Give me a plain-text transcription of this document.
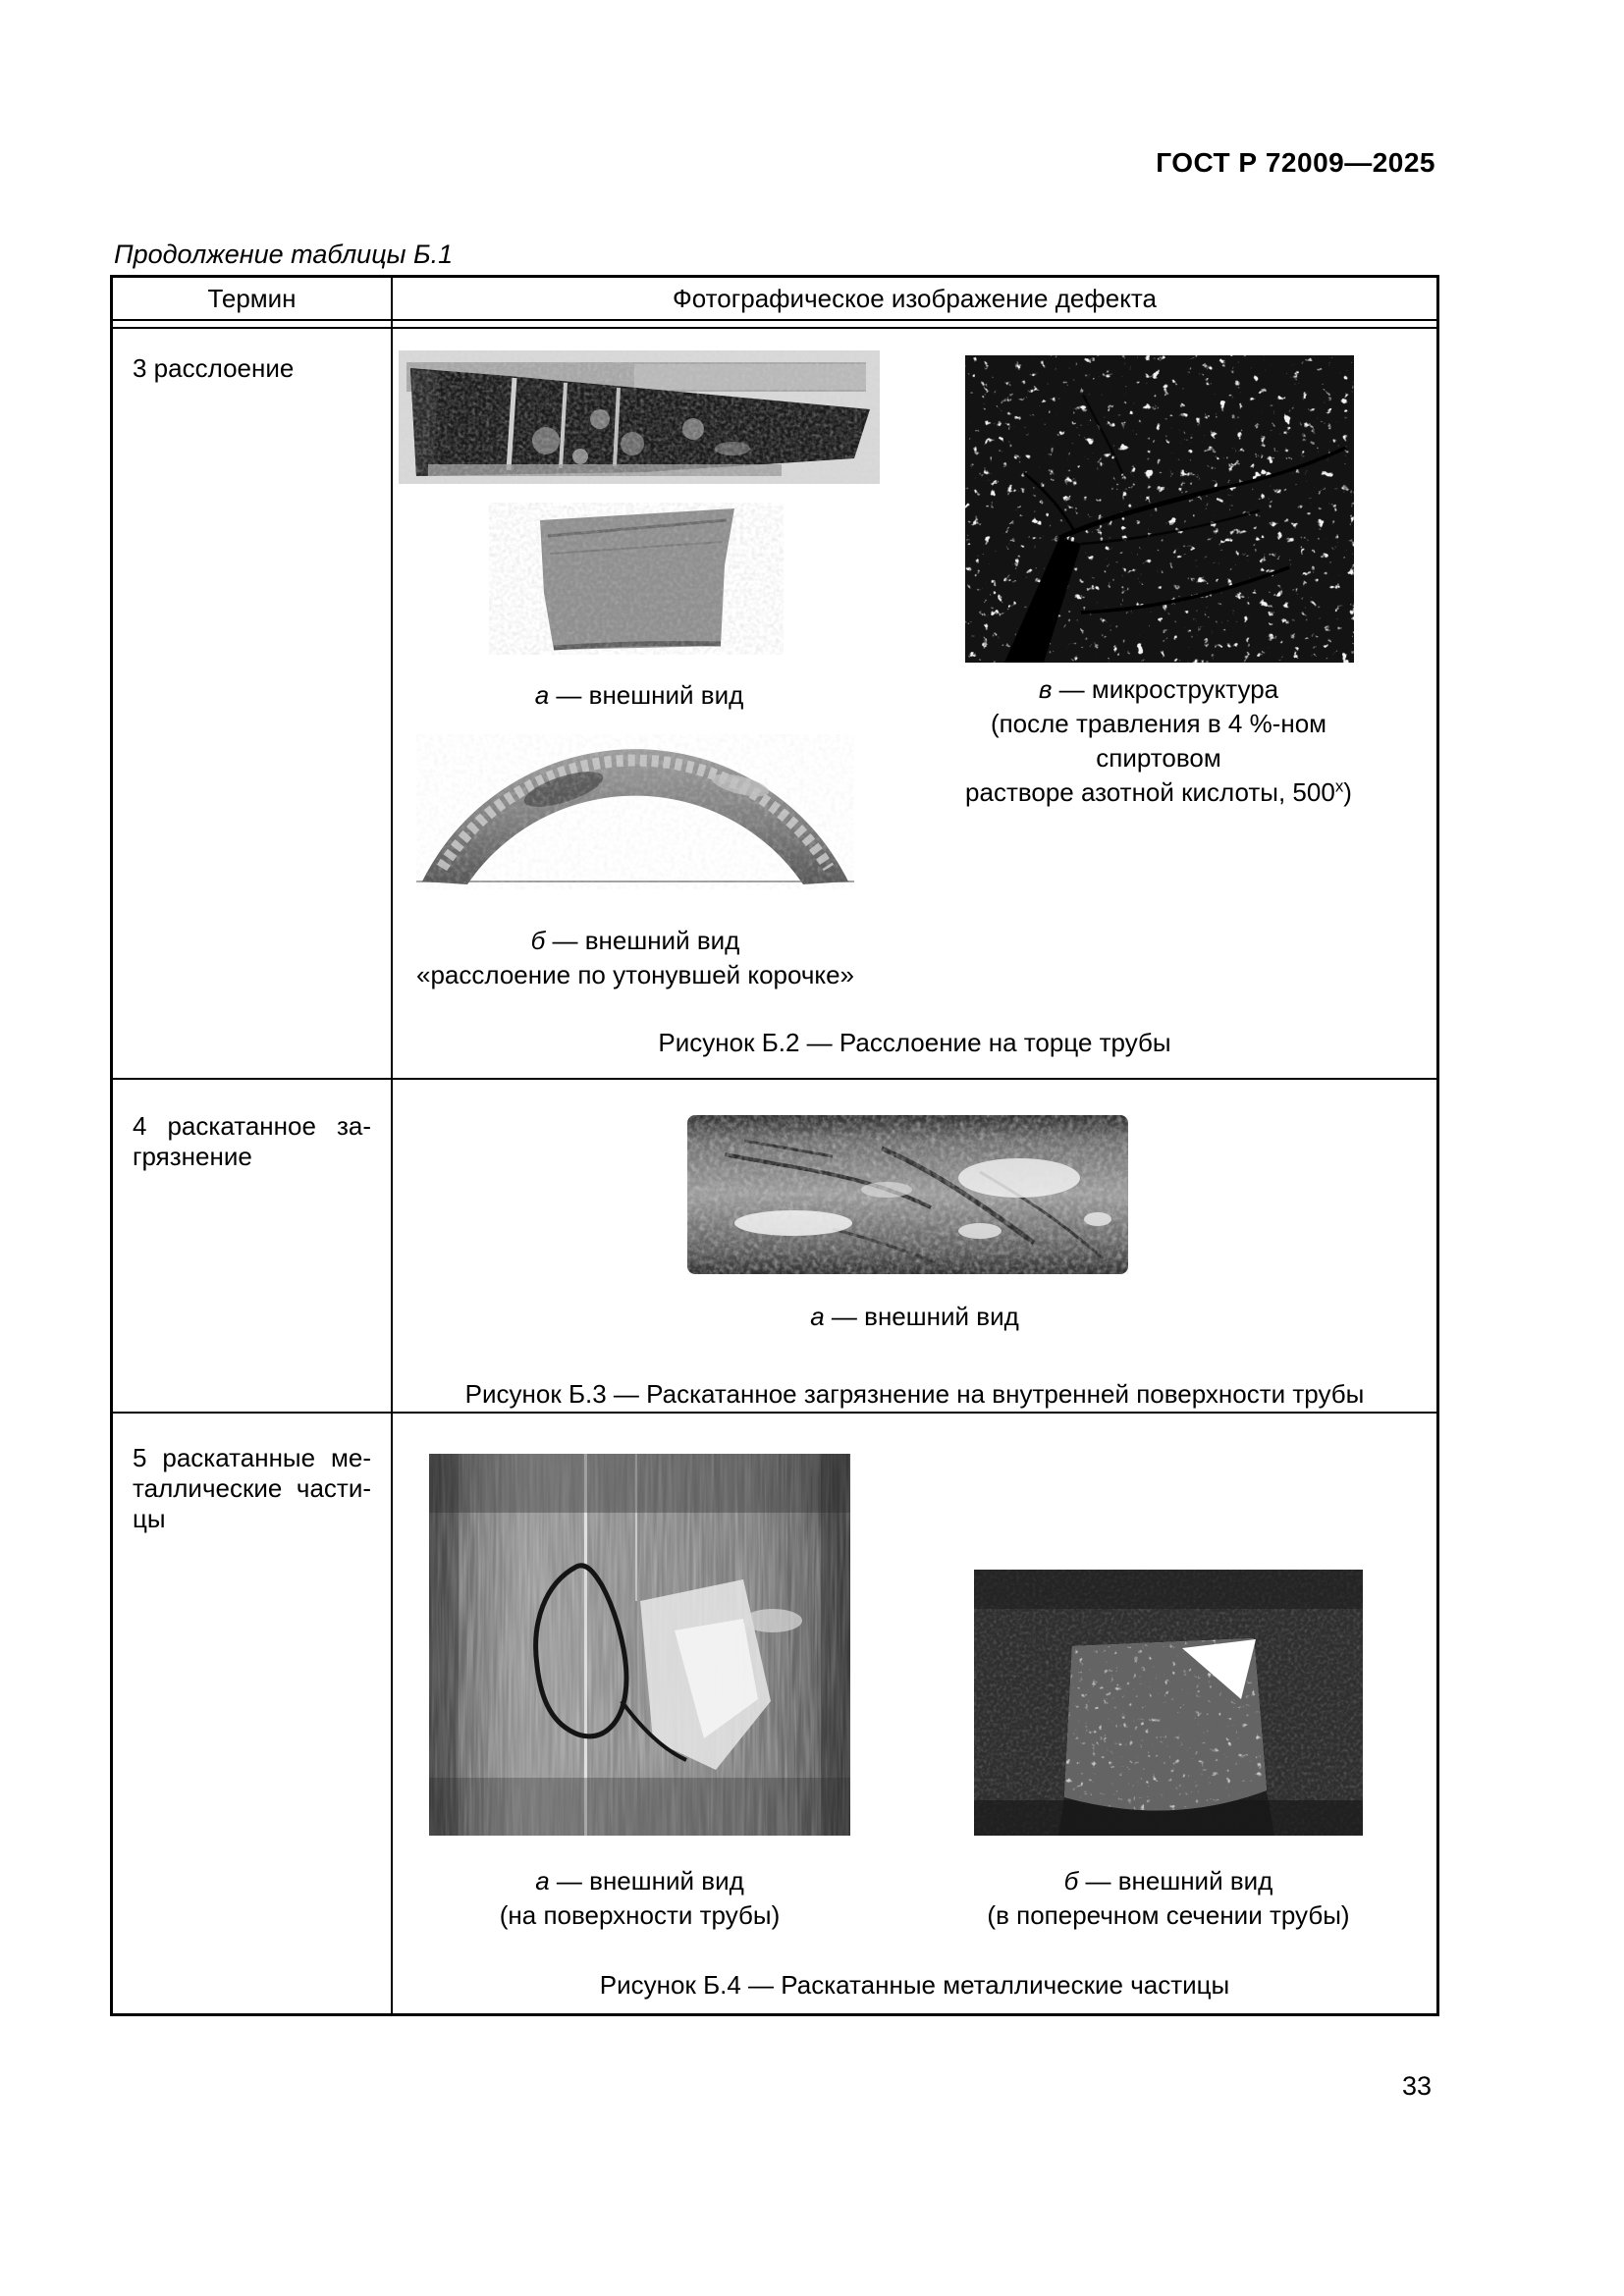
ГОСТ Р 72009—2025
Продолжение таблицы Б.1
Термин	Фотографическое изображение дефекта
3 расслоение
а — внешний вид	в — микроструктура
(после травления в 4 %-ном спиртовом
растворе азотной кислоты, $500^х$)
б — внешний вид
«расслоение по утонувшей корочке»
Рисунок Б.2 — Расслоение на торце трубы
4 раскатанное за-
грязнение
а — внешний вид
Рисунок Б.3 — Раскатанное загрязнение на внутренней поверхности трубы
5 раскатанные ме-
таллические части-
цы
а — внешний вид
(на поверхности трубы)
б — внешний вид
(в поперечном сечении трубы)
Рисунок Б.4 — Раскатанные металлические частицы
33
